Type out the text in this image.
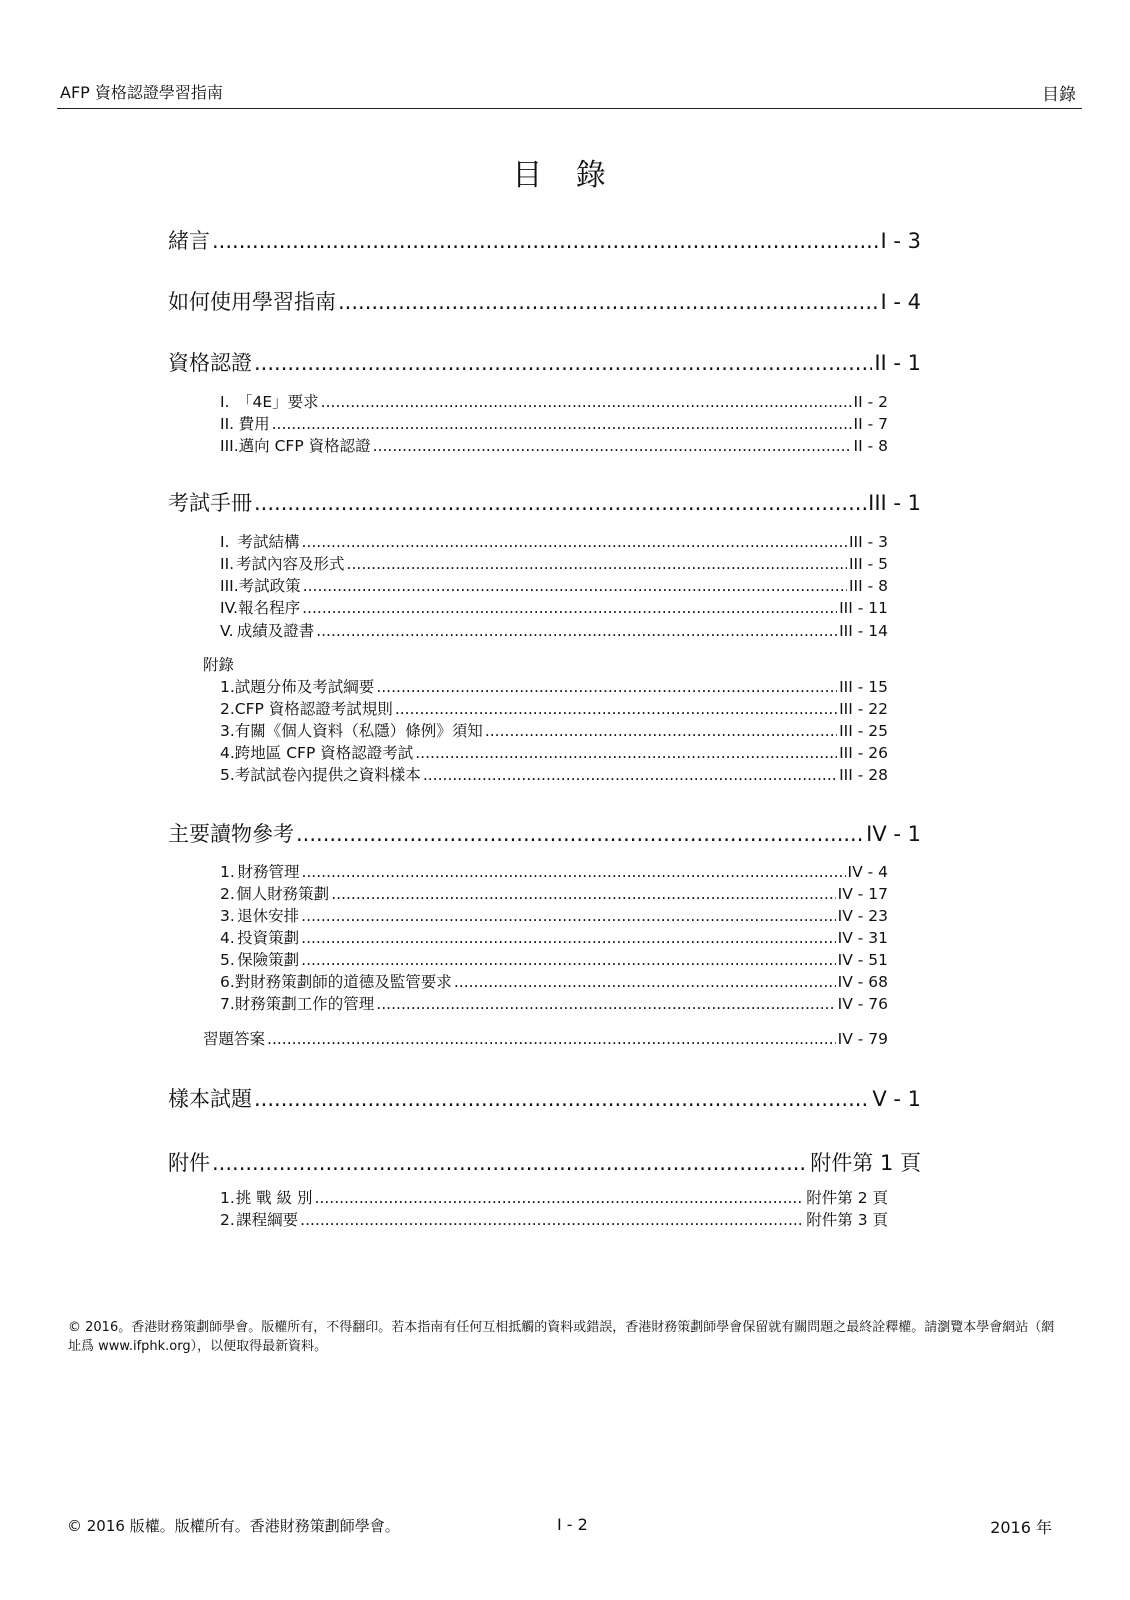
AFP 資格認證學習指南	目錄
目 錄
緒言 .....	I - 3
如何使用學習指南 .....	I - 4
資格認證 .....	II - 1
I. 「4E」要求 .....	II - 2
II. 費用 .....	II - 7
III. 邁向 CFP 資格認證 .....	II - 8
考試手冊 .....	III - 1
I. 考試結構 .....	III - 3
II. 考試內容及形式 .....	III - 5
III. 考試政策 .....	III - 8
IV. 報名程序 .....	III - 11
V. 成績及證書 .....	III - 14
附錄
1. 試題分佈及考試綱要 .....	III - 15
2. CFP 資格認證考試規則 .....	III - 22
3. 有關《個人資料（私隱）條例》須知 .....	III - 25
4. 跨地區 CFP 資格認證考試 .....	III - 26
5. 考試試卷內提供之資料樣本 .....	III - 28
主要讀物參考 .....	IV - 1
1. 財務管理 .....	IV - 4
2. 個人財務策劃 .....	IV - 17
3. 退休安排 .....	IV - 23
4. 投資策劃 .....	IV - 31
5. 保險策劃 .....	IV - 51
6. 對財務策劃師的道德及監管要求 .....	IV - 68
7. 財務策劃工作的管理 .....	IV - 76
習題答案 .....	IV - 79
樣本試題 .....	V - 1
附件 .....	附件第 1 頁
1. 挑 戰 級 別 .....	附件第 2 頁
2. 課程綱要 .....	附件第 3 頁
© 2016。香港財務策劃師學會。版權所有，不得翻印。若本指南有任何互相抵觸的資料或錯誤，香港財務策劃師學會保留就有關問題之最終詮釋權。請瀏覽本學會網站（網址爲 www.ifphk.org），以便取得最新資料。
© 2016 版權。版權所有。香港財務策劃師學會。	I - 2	2016 年
